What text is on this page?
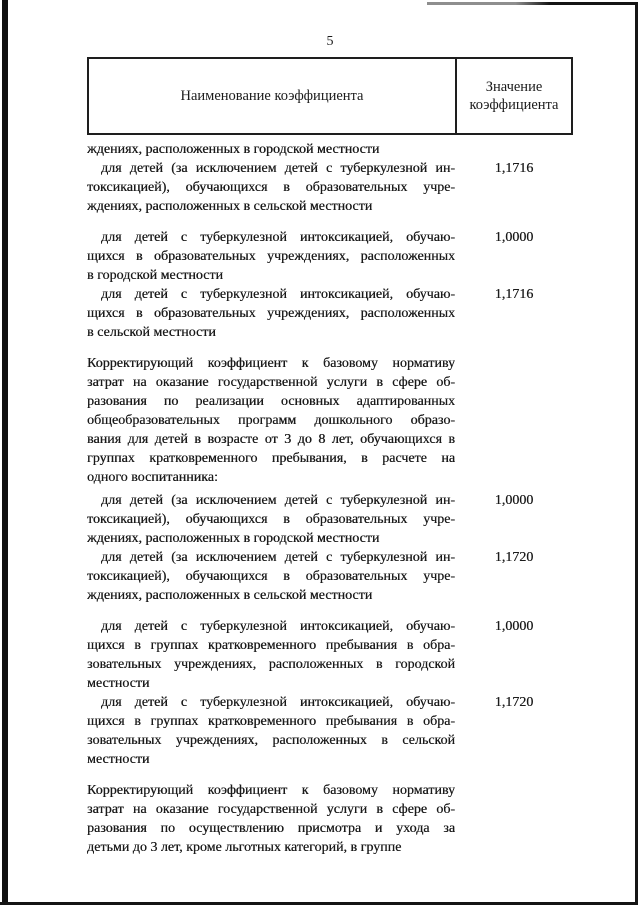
5
Наименование коэффициента
Значение коэффициента
ждениях, расположенных в городской местности
для детей (за исключением детей с туберкулезной ин-
токсикацией), обучающихся в образовательных учре-
ждениях, расположенных в сельской местности
1,1716
для детей с туберкулезной интоксикацией, обучаю-
щихся в образовательных учреждениях, расположенных
в городской местности
1,0000
для детей с туберкулезной интоксикацией, обучаю-
щихся в образовательных учреждениях, расположенных
в сельской местности
1,1716
Корректирующий коэффициент к базовому нормативу
затрат на оказание государственной услуги в сфере об-
разования по реализации основных адаптированных
общеобразовательных программ дошкольного образо-
вания для детей в возрасте от 3 до 8 лет, обучающихся в
группах кратковременного пребывания, в расчете на
одного воспитанника:
для детей (за исключением детей с туберкулезной ин-
токсикацией), обучающихся в образовательных учре-
ждениях, расположенных в городской местности
1,0000
для детей (за исключением детей с туберкулезной ин-
токсикацией), обучающихся в образовательных учре-
ждениях, расположенных в сельской местности
1,1720
для детей с туберкулезной интоксикацией, обучаю-
щихся в группах кратковременного пребывания в обра-
зовательных учреждениях, расположенных в городской
местности
1,0000
для детей с туберкулезной интоксикацией, обучаю-
щихся в группах кратковременного пребывания в обра-
зовательных учреждениях, расположенных в сельской
местности
1,1720
Корректирующий коэффициент к базовому нормативу
затрат на оказание государственной услуги в сфере об-
разования по осуществлению присмотра и ухода за
детьми до 3 лет, кроме льготных категорий, в группе
